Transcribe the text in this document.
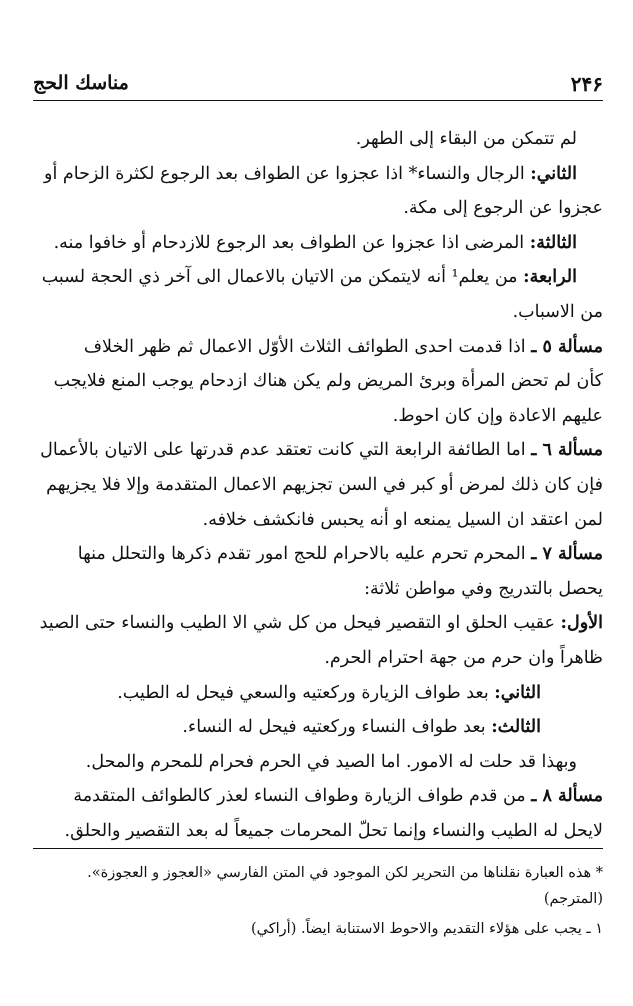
۲۴۶
مناسك الحج
لم تتمكن من البقاء إلى الطهر.
الثاني: الرجال والنساء* اذا عجزوا عن الطواف بعد الرجوع لكثرة الزحام أو
عجزوا عن الرجوع إلى مكة.
الثالثة: المرضى اذا عجزوا عن الطواف بعد الرجوع للازدحام أو خافوا منه.
الرابعة: من يعلم¹ أنه لايتمكن من الاتيان بالاعمال الى آخر ذي الحجة لسبب
من الاسباب.
مسألة ٥ ـ اذا قدمت احدى الطوائف الثلاث الأوّل الاعمال ثم ظهر الخلاف
كأن لم تحض المرأة وبرئ المريض ولم يكن هناك ازدحام يوجب المنع فلايجب
عليهم الاعادة وإن كان احوط.
مسألة ٦ ـ اما الطائفة الرابعة التي كانت تعتقد عدم قدرتها على الاتيان بالأعمال
فإن كان ذلك لمرض أو كبر في السن تجزيهم الاعمال المتقدمة وإلا فلا يجزيهم
لمن اعتقد ان السيل يمنعه او أنه يحبس فانكشف خلافه.
مسألة ٧ ـ المحرم تحرم عليه بالاحرام للحج امور تقدم ذكرها والتحلل منها
يحصل بالتدريج وفي مواطن ثلاثة:
الأول: عقيب الحلق او التقصير فيحل من كل شي الا الطيب والنساء حتى الصيد
ظاهراً وان حرم من جهة احترام الحرم.
الثاني: بعد طواف الزيارة وركعتيه والسعي فيحل له الطيب.
الثالث: بعد طواف النساء وركعتيه فيحل له النساء.
وبهذا قد حلت له الامور. اما الصيد في الحرم فحرام للمحرم والمحل.
مسألة ٨ ـ من قدم طواف الزيارة وطواف النساء لعذر كالطوائف المتقدمة
لايحل له الطيب والنساء وإنما تحلّ المحرمات جميعاً له بعد التقصير والحلق.
* هذه العبارة نقلناها من التحرير لكن الموجود في المتن الفارسي «العجوز و العجوزة».
(المترجم)
١ ـ يجب على هؤلاء التقديم والاحوط الاستنابة ايضاً. (أراكي)
